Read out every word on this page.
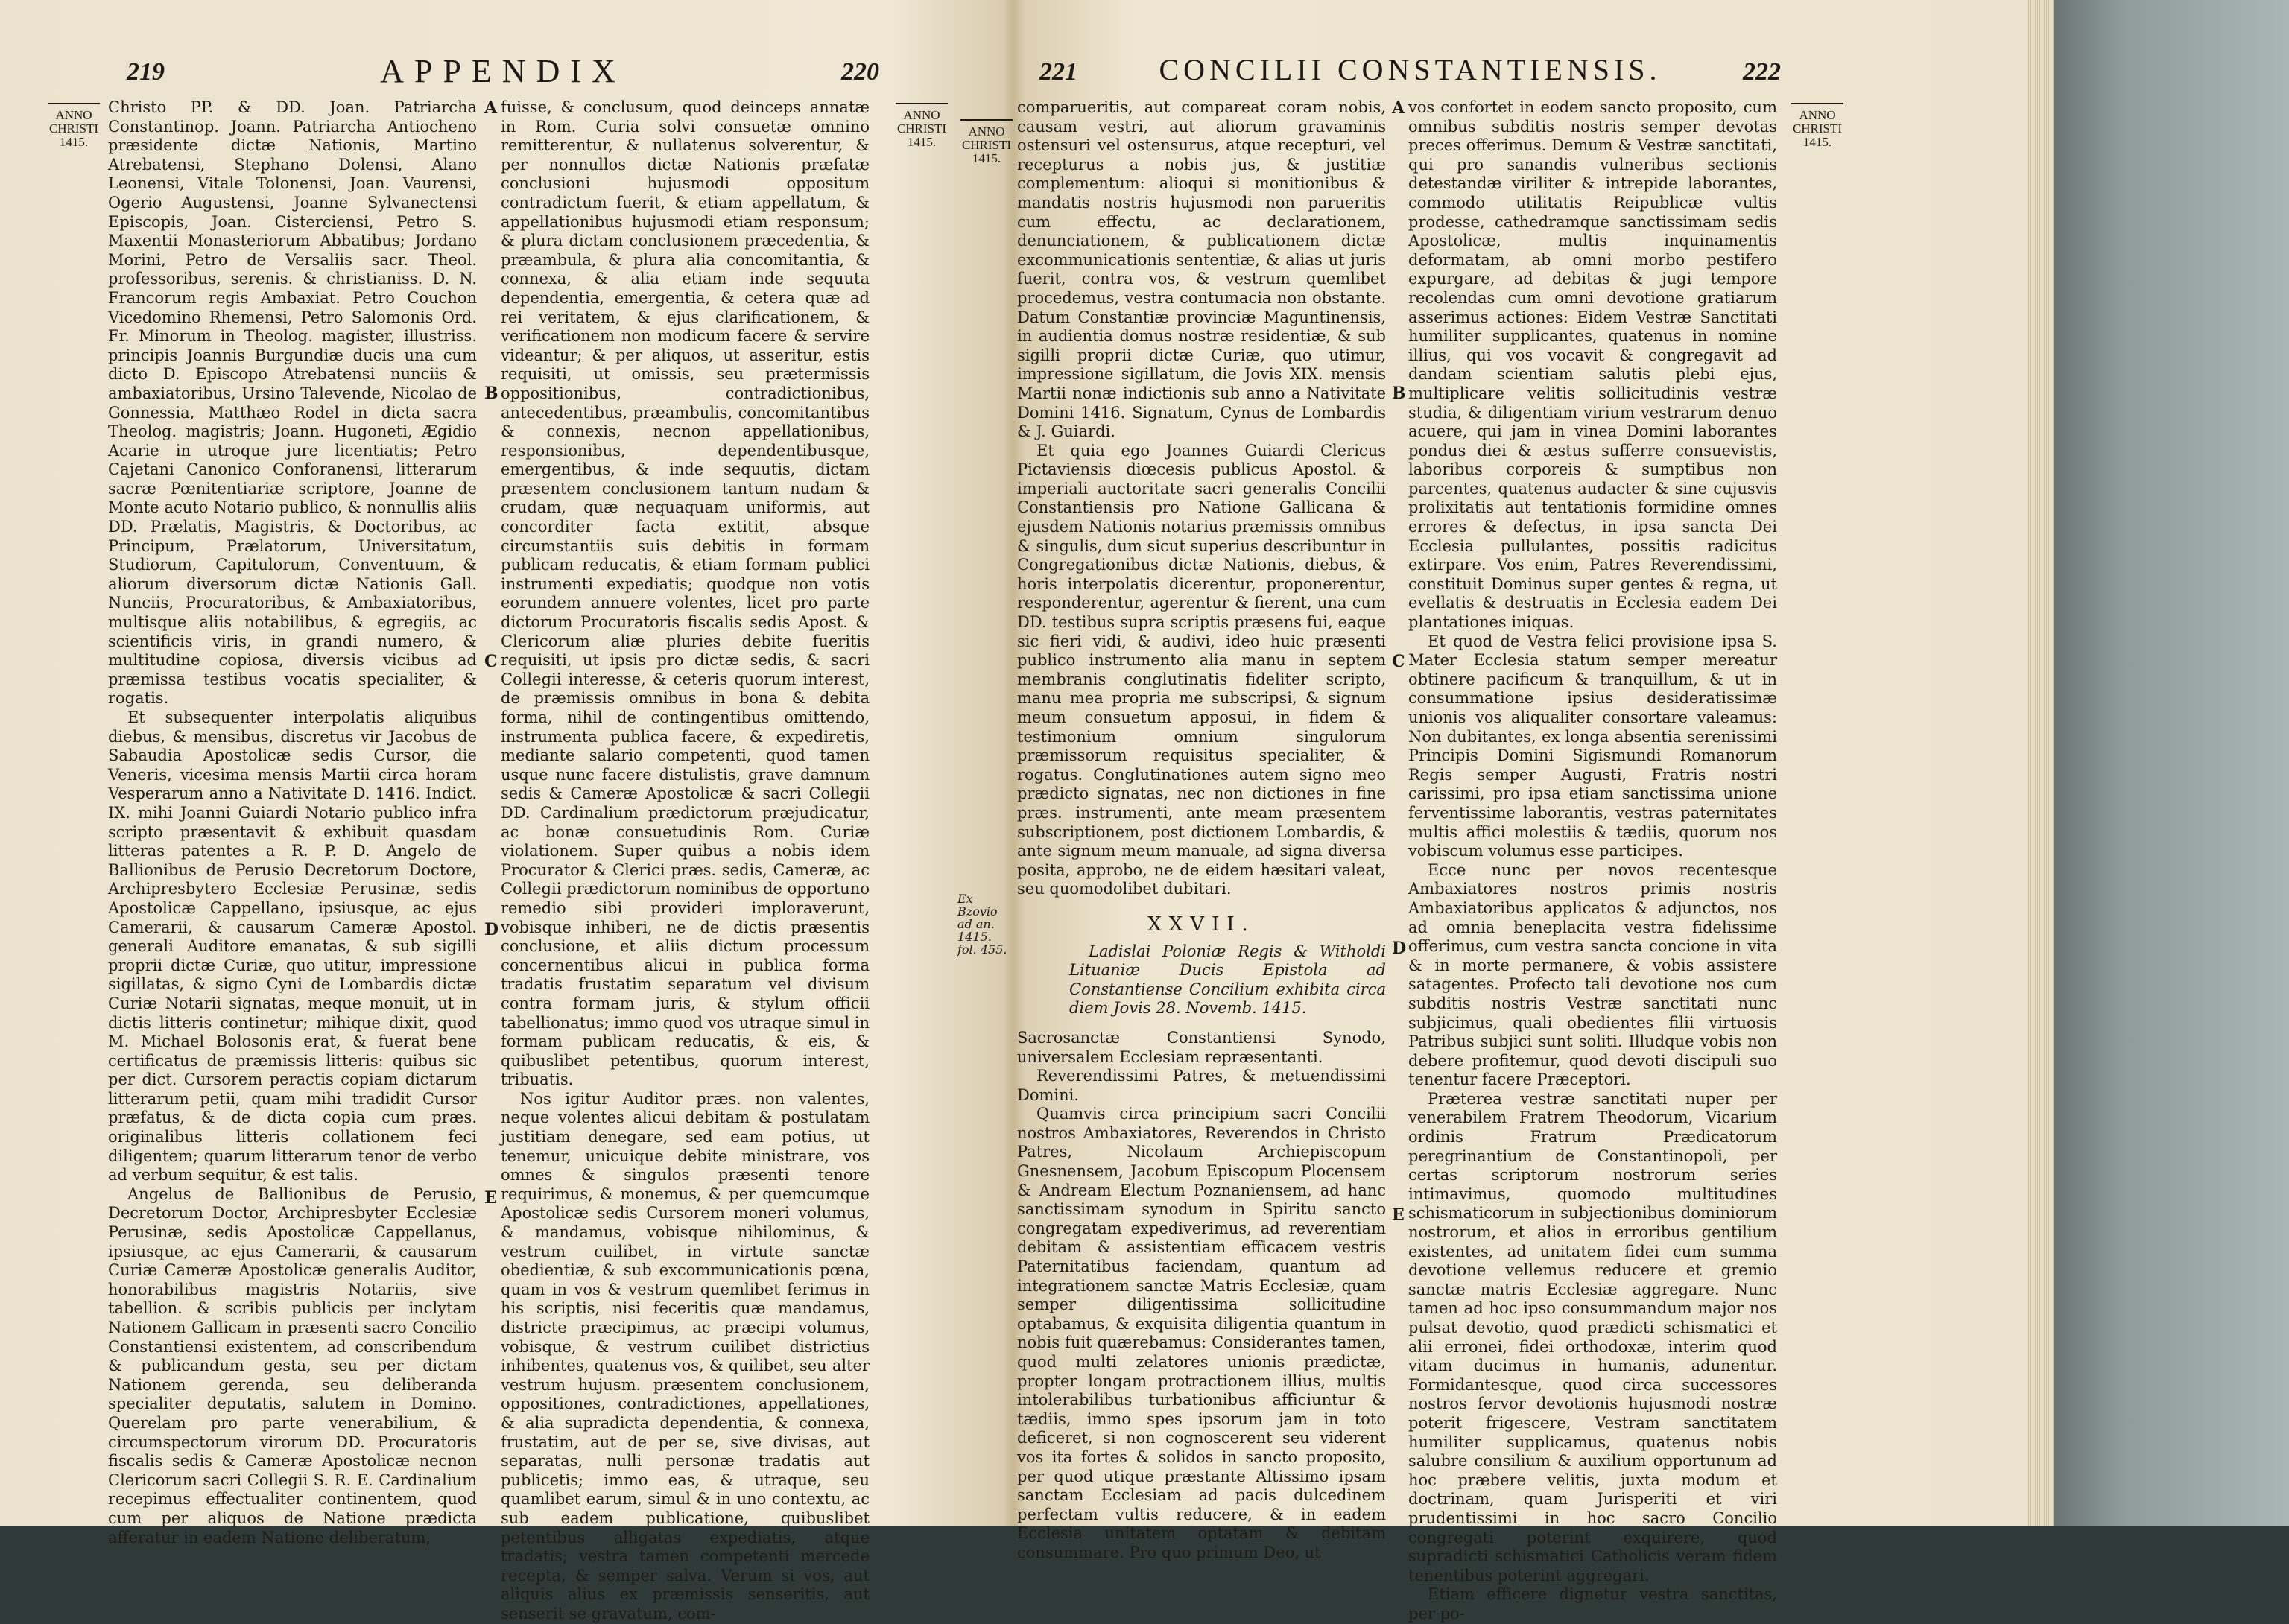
219	APPENDIX	220
ANNO
CHRISTI
1415.
ANNO
CHRISTI
1415.

Christo PP. & DD. Joan. Patriarcha Constantinop. Joann. Patriarcha Antiocheno præsidente dictæ Nationis, Martino Atrebatensi, Stephano Dolensi, Alano Leonensi, Vitale Tolonensi, Joan. Vaurensi, Ogerio Augustensi, Joanne Sylvanectensi Episcopis, Joan. Cisterciensi, Petro S. Maxentii Monasteriorum Abbatibus; Jordano Morini, Petro de Versaliis sacr. Theol. professoribus, serenis. & christianiss. D. N. Francorum regis Ambaxiat. Petro Couchon Vicedomino Rhemensi, Petro Salomonis Ord. Fr. Minorum in Theolog. magister, illustriss. principis Joannis Burgundiæ ducis una cum dicto D. Episcopo Atrebatensi nunciis & ambaxiatoribus, Ursino Talevende, Nicolao de Gonnessia, Matthæo Rodel in dicta sacra Theolog. magistris; Joann. Hugoneti, Ægidio Acarie in utroque jure licentiatis; Petro Cajetani Canonico Conforanensi, litterarum sacræ Pœnitentiariæ scriptore, Joanne de Monte acuto Notario publico, & nonnullis aliis DD. Prælatis, Magistris, & Doctoribus, ac Principum, Prælatorum, Universitatum, Studiorum, Capitulorum, Conventuum, & aliorum diversorum dictæ Nationis Gall. Nunciis, Procuratoribus, & Ambaxiatoribus, multisque aliis notabilibus, & egregiis, ac scientificis viris, in grandi numero, & multitudine copiosa, diversis vicibus ad præmissa testibus vocatis specialiter, & rogatis.

Et subsequenter interpolatis aliquibus diebus, & mensibus, discretus vir Jacobus de Sabaudia Apostolicæ sedis Cursor, die Veneris, vicesima mensis Martii circa horam Vesperarum anno a Nativitate D. 1416. Indict. IX. mihi Joanni Guiardi Notario publico infra scripto præsentavit & exhibuit quasdam litteras patentes a R. P. D. Angelo de Ballionibus de Perusio Decretorum Doctore, Archipresbytero Ecclesiæ Perusinæ, sedis Apostolicæ Cappellano, ipsiusque, ac ejus Camerarii, & causarum Cameræ Apostol. generali Auditore emanatas, & sub sigilli proprii dictæ Curiæ, quo utitur, impressione sigillatas, & signo Cyni de Lombardis dictæ Curiæ Notarii signatas, meque monuit, ut in dictis litteris continetur; mihique dixit, quod M. Michael Bolosonis erat, & fuerat bene certificatus de præmissis litteris: quibus sic per dict. Cursorem peractis copiam dictarum litterarum petii, quam mihi tradidit Cursor præfatus, & de dicta copia cum præs. originalibus litteris collationem feci diligentem; quarum litterarum tenor de verbo ad verbum sequitur, & est talis.

Angelus de Ballionibus de Perusio, Decretorum Doctor, Archipresbyter Ecclesiæ Perusinæ, sedis Apostolicæ Cappellanus, ipsiusque, ac ejus Camerarii, & causarum Curiæ Cameræ Apostolicæ generalis Auditor, honorabilibus magistris Notariis, sive tabellion. & scribis publicis per inclytam Nationem Gallicam in præsenti sacro Concilio Constantiensi existentem, ad conscribendum & publicandum gesta, seu per dictam Nationem gerenda, seu deliberanda specialiter deputatis, salutem in Domino. Querelam pro parte venerabilium, & circumspectorum virorum DD. Procuratoris fiscalis sedis & Cameræ Apostolicæ necnon Clericorum sacri Collegii S. R. E. Cardinalium recepimus effectualiter continentem, quod cum per aliquos de Natione prædicta afferatur in eadem Natione deliberatum,

A
B
C
D
E

fuisse, & conclusum, quod deinceps annatæ in Rom. Curia solvi consuetæ omnino remitterentur, & nullatenus solverentur, & per nonnullos dictæ Nationis præfatæ conclusioni hujusmodi oppositum contradictum fuerit, & etiam appellatum, & appellationibus hujusmodi etiam responsum; & plura dictam conclusionem præcedentia, & præambula, & plura alia concomitantia, & connexa, & alia etiam inde sequuta dependentia, emergentia, & cetera quæ ad rei veritatem, & ejus clarificationem, & verificationem non modicum facere & servire videantur; & per aliquos, ut asseritur, estis requisiti, ut omissis, seu prætermissis oppositionibus, contradictionibus, antecedentibus, præambulis, concomitantibus & connexis, necnon appellationibus, responsionibus, dependentibusque, emergentibus, & inde sequutis, dictam præsentem conclusionem tantum nudam & crudam, quæ nequaquam uniformis, aut concorditer facta extitit, absque circumstantiis suis debitis in formam publicam reducatis, & etiam formam publici instrumenti expediatis; quodque non votis eorundem annuere volentes, licet pro parte dictorum Procuratoris fiscalis sedis Apost. & Clericorum aliæ pluries debite fueritis requisiti, ut ipsis pro dictæ sedis, & sacri Collegii interesse, & ceteris quorum interest, de præmissis omnibus in bona & debita forma, nihil de contingentibus omittendo, instrumenta publica facere, & expediretis, mediante salario competenti, quod tamen usque nunc facere distulistis, grave damnum sedis & Cameræ Apostolicæ & sacri Collegii DD. Cardinalium prædictorum præjudicatur, ac bonæ consuetudinis Rom. Curiæ violationem. Super quibus a nobis idem Procurator & Clerici præs. sedis, Cameræ, ac Collegii prædictorum nominibus de opportuno remedio sibi provideri implorаverunt, vobisque inhiberi, ne de dictis præsentis conclusione, et aliis dictum processum concernentibus alicui in publica forma tradatis frustatim separatum vel divisum contra formam juris, & stylum officii tabellionatus; immo quod vos utraque simul in formam publicam reducatis, & eis, & quibuslibet petentibus, quorum interest, tribuatis.

Nos igitur Auditor præs. non valentes, neque volentes alicui debitam & postulatam justitiam denegare, sed eam potius, ut tenemur, unicuique debite ministrare, vos omnes & singulos præsenti tenore requirimus, & monemus, & per quemcumque Apostolicæ sedis Cursorem moneri volumus, & mandamus, vobisque nihilominus, & vestrum cuilibet, in virtute sanctæ obedientiæ, & sub excommunicationis pœna, quam in vos & vestrum quemlibet ferimus in his scriptis, nisi feceritis quæ mandamus, districte præcipimus, ac præcipi volumus, vobisque, & vestrum cuilibet districtius inhibentes, quatenus vos, & quilibet, seu alter vestrum hujusm. præsentem conclusionem, oppositiones, contradictiones, appellationes, & alia supradicta dependentia, & connexa, frustatim, aut de per se, sive divisas, aut separatas, nulli personæ tradatis aut publicetis; immo eas, & utraque, seu quamlibet earum, simul & in uno contextu, ac sub eadem publicatione, quibuslibet petentibus alligatas expediatis, atque tradatis; vestra tamen competenti mercede recepta, & semper salva. Verum si vos, aut aliquis alius ex præmissis senseritis, aut senserit se gravatum, com-

221	CONCILII CONSTANTIENSIS.	222
ANNO
CHRISTI
1415.
ANNO
CHRISTI
1415.
Ex Bzovio
ad an. 1415.
fol. 455.

comparueritis, aut compareat coram nobis, causam vestri, aut aliorum gravaminis ostensuri vel ostensurus, atque recepturi, vel recepturus a nobis jus, & justitiæ complementum: alioqui si monitionibus & mandatis nostris hujusmodi non parueritis cum effectu, ac declarationem, denunciationem, & publicationem dictæ excommunicationis sententiæ, & alias ut juris fuerit, contra vos, & vestrum quemlibet procedemus, vestra contumacia non obstante. Datum Constantiæ provinciæ Maguntinensis, in audientia domus nostræ residentiæ, & sub sigilli proprii dictæ Curiæ, quo utimur, impressione sigillatum, die Jovis XIX. mensis Martii nonæ indictionis sub anno a Nativitate Domini 1416. Signatum, Cynus de Lombardis & J. Guiardi.

Et quia ego Joannes Guiardi Clericus Pictaviensis diœcesis publicus Apostol. & imperiali auctoritate sacri generalis Concilii Constantiensis pro Natione Gallicana & ejusdem Nationis notarius præmissis omnibus & singulis, dum sicut superius describuntur in Congregationibus dictæ Nationis, diebus, & horis interpolatis dicerentur, proponerentur, responderentur, agerentur & fierent, una cum DD. testibus supra scriptis præsens fui, eaque sic fieri vidi, & audivi, ideo huic præsenti publico instrumento alia manu in septem membranis conglutinatis fideliter scripto, manu mea propria me subscripsi, & signum meum consuetum apposui, in fidem & testimonium omnium singulorum præmissorum requisitus specialiter, & rogatus. Conglutinationes autem signo meo prædicto signatas, nec non dictiones in fine præs. instrumenti, ante meam præsentem subscriptionem, post dictionem Lombardis, & ante signum meum manuale, ad signa diversa posita, approbo, ne de eidem hæsitari valeat, seu quomodolibet dubitari.

XXVII.

Ladislai Poloniæ Regis & Witholdi Lituaniæ Ducis Epistola ad Constantiense Concilium exhibita circa diem Jovis 28. Novemb. 1415.

Sacrosanctæ Constantiensi Synodo, universalem Ecclesiam repræsentanti.

Reverendissimi Patres, & metuendissimi Domini.

Quamvis circa principium sacri Concilii nostros Ambaxiatores, Reverendos in Christo Patres, Nicolaum Archiepiscopum Gnesnensem, Jacobum Episcopum Plocensem & Andream Electum Poznaniensem, ad hanc sanctissimam synodum in Spiritu sancto congregatam expediverimus, ad reverentiam debitam & assistentiam efficacem vestris Paternitatibus faciendam, quantum ad integrationem sanctæ Matris Ecclesiæ, quam semper diligentissima sollicitudine optabamus, & exquisita diligentia quantum in nobis fuit quærebamus: Considerantes tamen, quod multi zelatores unionis prædictæ, propter longam protractionem illius, multis intolerabilibus turbationibus afficiuntur & tædiis, immo spes ipsorum jam in toto deficeret, si non cognoscerent seu viderent vos ita fortes & solidos in sancto proposito, per quod utique præstante Altissimo ipsam sanctam Ecclesiam ad pacis dulcedinem perfectam vultis reducere, & in eadem Ecclesia unitatem optatam & debitam consummare. Pro quo primum Deo, ut

A
B
C
D
E

vos confortet in eodem sancto proposito, cum omnibus subditis nostris semper devotas preces offerimus. Demum & Vestræ sanctitati, qui pro sanandis vulneribus sectionis detestandæ viriliter & intrepide laborantes, commodo utilitatis Reipublicæ vultis prodesse, cathedramque sanctissimam sedis Apostolicæ, multis inquinamentis deformatam, ab omni morbo pestifero expurgare, ad debitas & jugi tempore recolendas cum omni devotione gratiarum asserimus actiones: Eidem Vestræ Sanctitati humiliter supplicantes, quatenus in nomine illius, qui vos vocavit & congregavit ad dandam scientiam salutis plebi ejus, multiplicare velitis sollicitudinis vestræ studia, & diligentiam virium vestrarum denuo acuere, qui jam in vinea Domini laborantes pondus diei & æstus sufferre consuevistis, laboribus corporeis & sumptibus non parcentes, quatenus audacter & sine cujusvis prolixitatis aut tentationis formidine omnes errores & defectus, in ipsa sancta Dei Ecclesia pullulantes, possitis radicitus extirpare. Vos enim, Patres Reverendissimi, constituit Dominus super gentes & regna, ut evellatis & destruatis in Ecclesia eadem Dei plantationes iniquas.

Et quod de Vestra felici provisione ipsa S. Mater Ecclesia statum semper mereatur obtinere pacificum & tranquillum, & ut in consummatione ipsius desideratissimæ unionis vos aliqualiter consortare valeamus: Non dubitantes, ex longa absentia serenissimi Principis Domini Sigismundi Romanorum Regis semper Augusti, Fratris nostri carissimi, pro ipsa etiam sanctissima unione ferventissime laborantis, vestras paternitates multis affici molestiis & tædiis, quorum nos vobiscum volumus esse participes.

Ecce nunc per novos recentesque Ambaxiatores nostros primis nostris Ambaxiatoribus applicatos & adjunctos, nos ad omnia beneplacita vestra fidelissime offerimus, cum vestra sancta concione in vita & in morte permanere, & vobis assistere satagentes. Profecto tali devotione nos cum subditis nostris Vestræ sanctitati nunc subjicimus, quali obedientes filii virtuosis Patribus subjici sunt soliti. Illudque vobis non debere profitemur, quod devoti discipuli suo tenentur facere Præceptori.

Præterea vestræ sanctitati nuper per venerabilem Fratrem Theodorum, Vicarium ordinis Fratrum Prædicatorum peregrinantium de Constantinopoli, per certas scriptorum nostrorum series intimavimus, quomodo multitudines schismaticorum in subjectionibus dominiorum nostrorum, et alios in erroribus gentilium existentes, ad unitatem fidei cum summa devotione vellemus reducere et gremio sanctæ matris Ecclesiæ aggregare. Nunc tamen ad hoc ipso consummandum major nos pulsat devotio, quod prædicti schismatici et alii erronei, fidei orthodoxæ, interim quod vitam ducimus in humanis, adunentur. Formidantesque, quod circa successores nostros fervor devotionis hujusmodi nostræ poterit frigescere, Vestram sanctitatem humiliter supplicamus, quatenus nobis salubre consilium & auxilium opportunum ad hoc præbere velitis, juxta modum et doctrinam, quam Jurisperiti et viri prudentissimi in hoc sacro Concilio congregati poterint exquirere, quod supradicti schismatici Catholicis veram fidem tenentibus poterint aggregari.

Etiam efficere dignetur vestra sanctitas, per po-
